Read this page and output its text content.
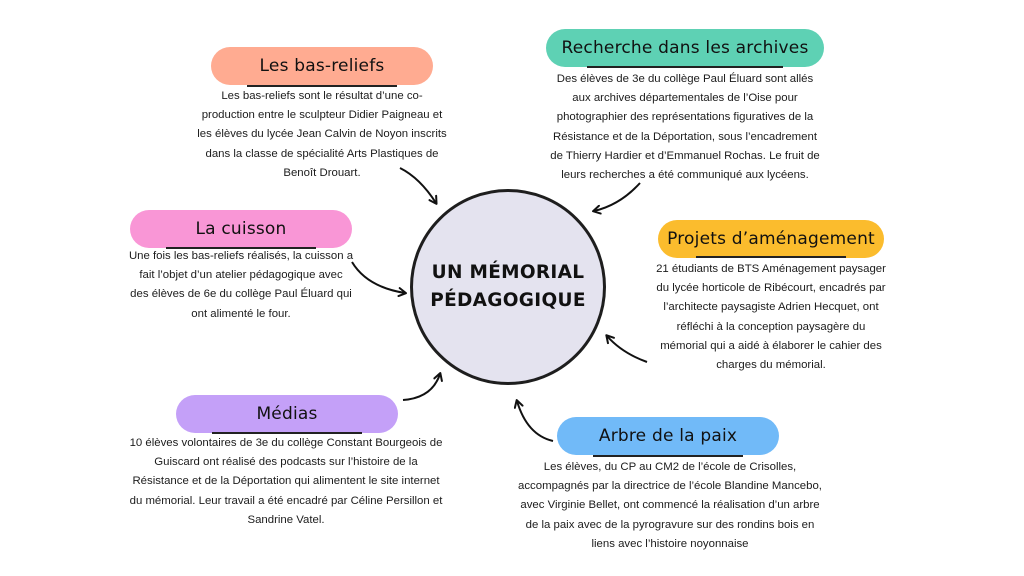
UN MÉMORIAL
PÉDAGOGIQUE
Les bas-reliefs
Les bas-reliefs sont le résultat d’une co-
production entre le sculpteur Didier Paigneau et
les élèves du lycée Jean Calvin de Noyon inscrits
dans la classe de spécialité Arts Plastiques de
Benoît Drouart.
Recherche dans les archives
Des élèves de 3e du collège Paul Éluard sont allés
aux archives départementales de l’Oise pour
photographier des représentations figuratives de la
Résistance et de la Déportation, sous l’encadrement
de Thierry Hardier et d’Emmanuel Rochas. Le fruit de
leurs recherches a été communiqué aux lycéens.
La cuisson
Une fois les bas-reliefs réalisés, la cuisson a
fait l’objet d’un atelier pédagogique avec
des élèves de 6e du collège Paul Éluard qui
ont alimenté le four.
Projets d’aménagement
21 étudiants de BTS Aménagement paysager
du lycée horticole de Ribécourt, encadrés par
l’architecte paysagiste Adrien Hecquet, ont
réfléchi à la conception paysagère du
mémorial qui a aidé à élaborer le cahier des
charges du mémorial.
Médias
10 élèves volontaires de 3e du collège Constant Bourgeois de
Guiscard ont réalisé des podcasts sur l’histoire de la
Résistance et de la Déportation qui alimentent le site internet
du mémorial. Leur travail a été encadré par Céline Persillon et
Sandrine Vatel.
Arbre de la paix
Les élèves, du CP au CM2 de l’école de Crisolles,
accompagnés par la directrice de l’école Blandine Mancebo,
avec Virginie Bellet, ont commencé la réalisation d’un arbre
de la paix avec de la pyrogravure sur des rondins bois en
liens avec l’histoire noyonnaise
